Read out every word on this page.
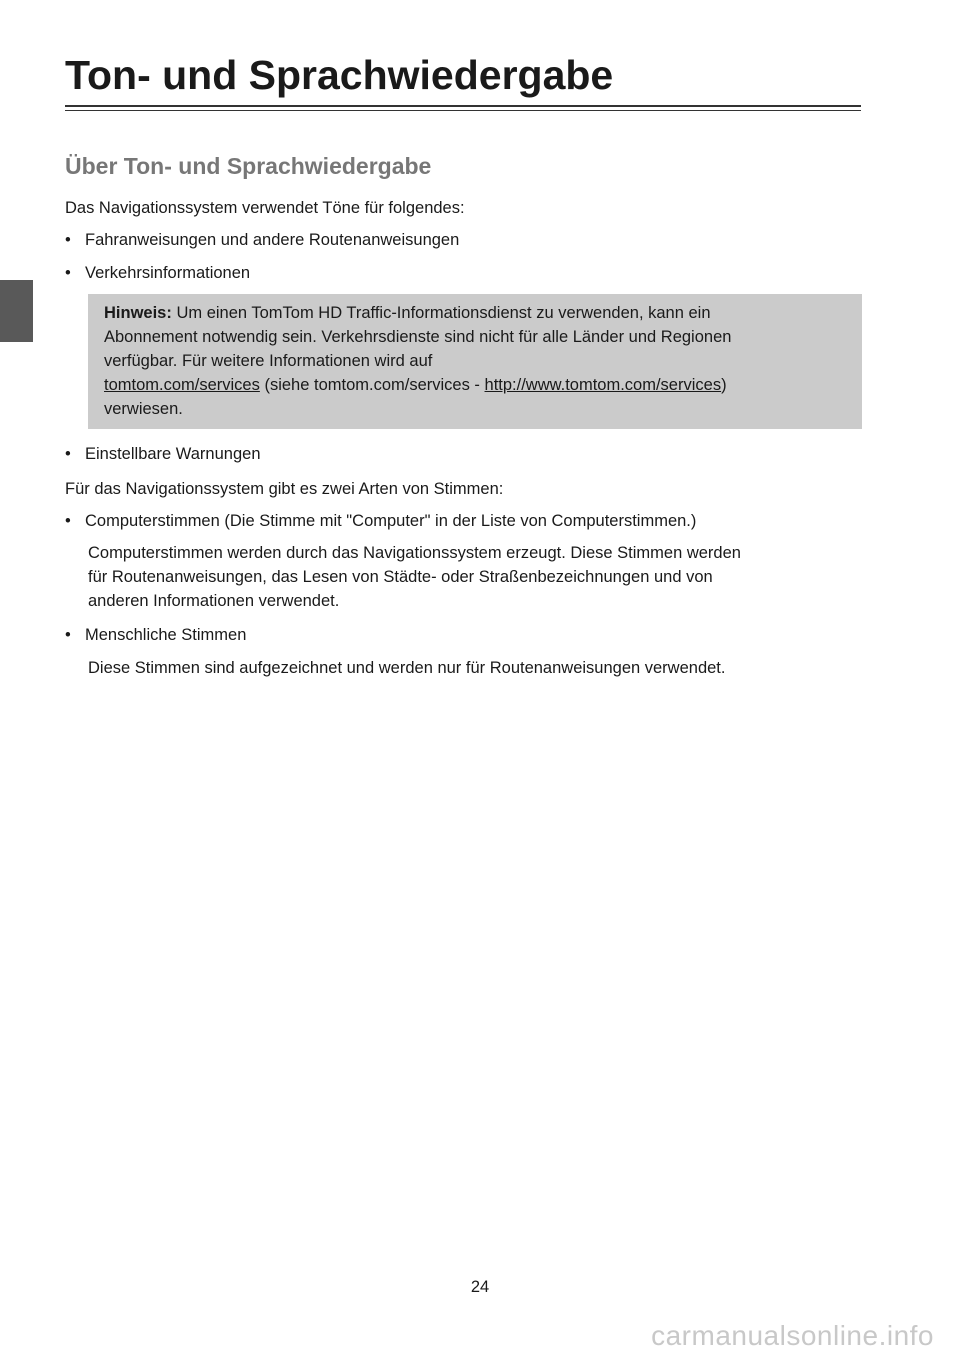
Ton- und Sprachwiedergabe
Über Ton- und Sprachwiedergabe

Das Navigationssystem verwendet Töne für folgendes:

• Fahranweisungen und andere Routenanweisungen

• Verkehrsinformationen

Hinweis: Um einen TomTom HD Traffic-Informationsdienst zu verwenden, kann ein
Abonnement notwendig sein. Verkehrsdienste sind nicht für alle Länder und Regionen
verfügbar. Für weitere Informationen wird auf
tomtom.com/services (siehe tomtom.com/services - http://www.tomtom.com/services)
verwiesen.

• Einstellbare Warnungen

Für das Navigationssystem gibt es zwei Arten von Stimmen:

• Computerstimmen (Die Stimme mit "Computer" in der Liste von Computerstimmen.)

Computerstimmen werden durch das Navigationssystem erzeugt. Diese Stimmen werden
für Routenanweisungen, das Lesen von Städte- oder Straßenbezeichnungen und von
anderen Informationen verwendet.

• Menschliche Stimmen

Diese Stimmen sind aufgezeichnet und werden nur für Routenanweisungen verwendet.

24

carmanualsonline.info
